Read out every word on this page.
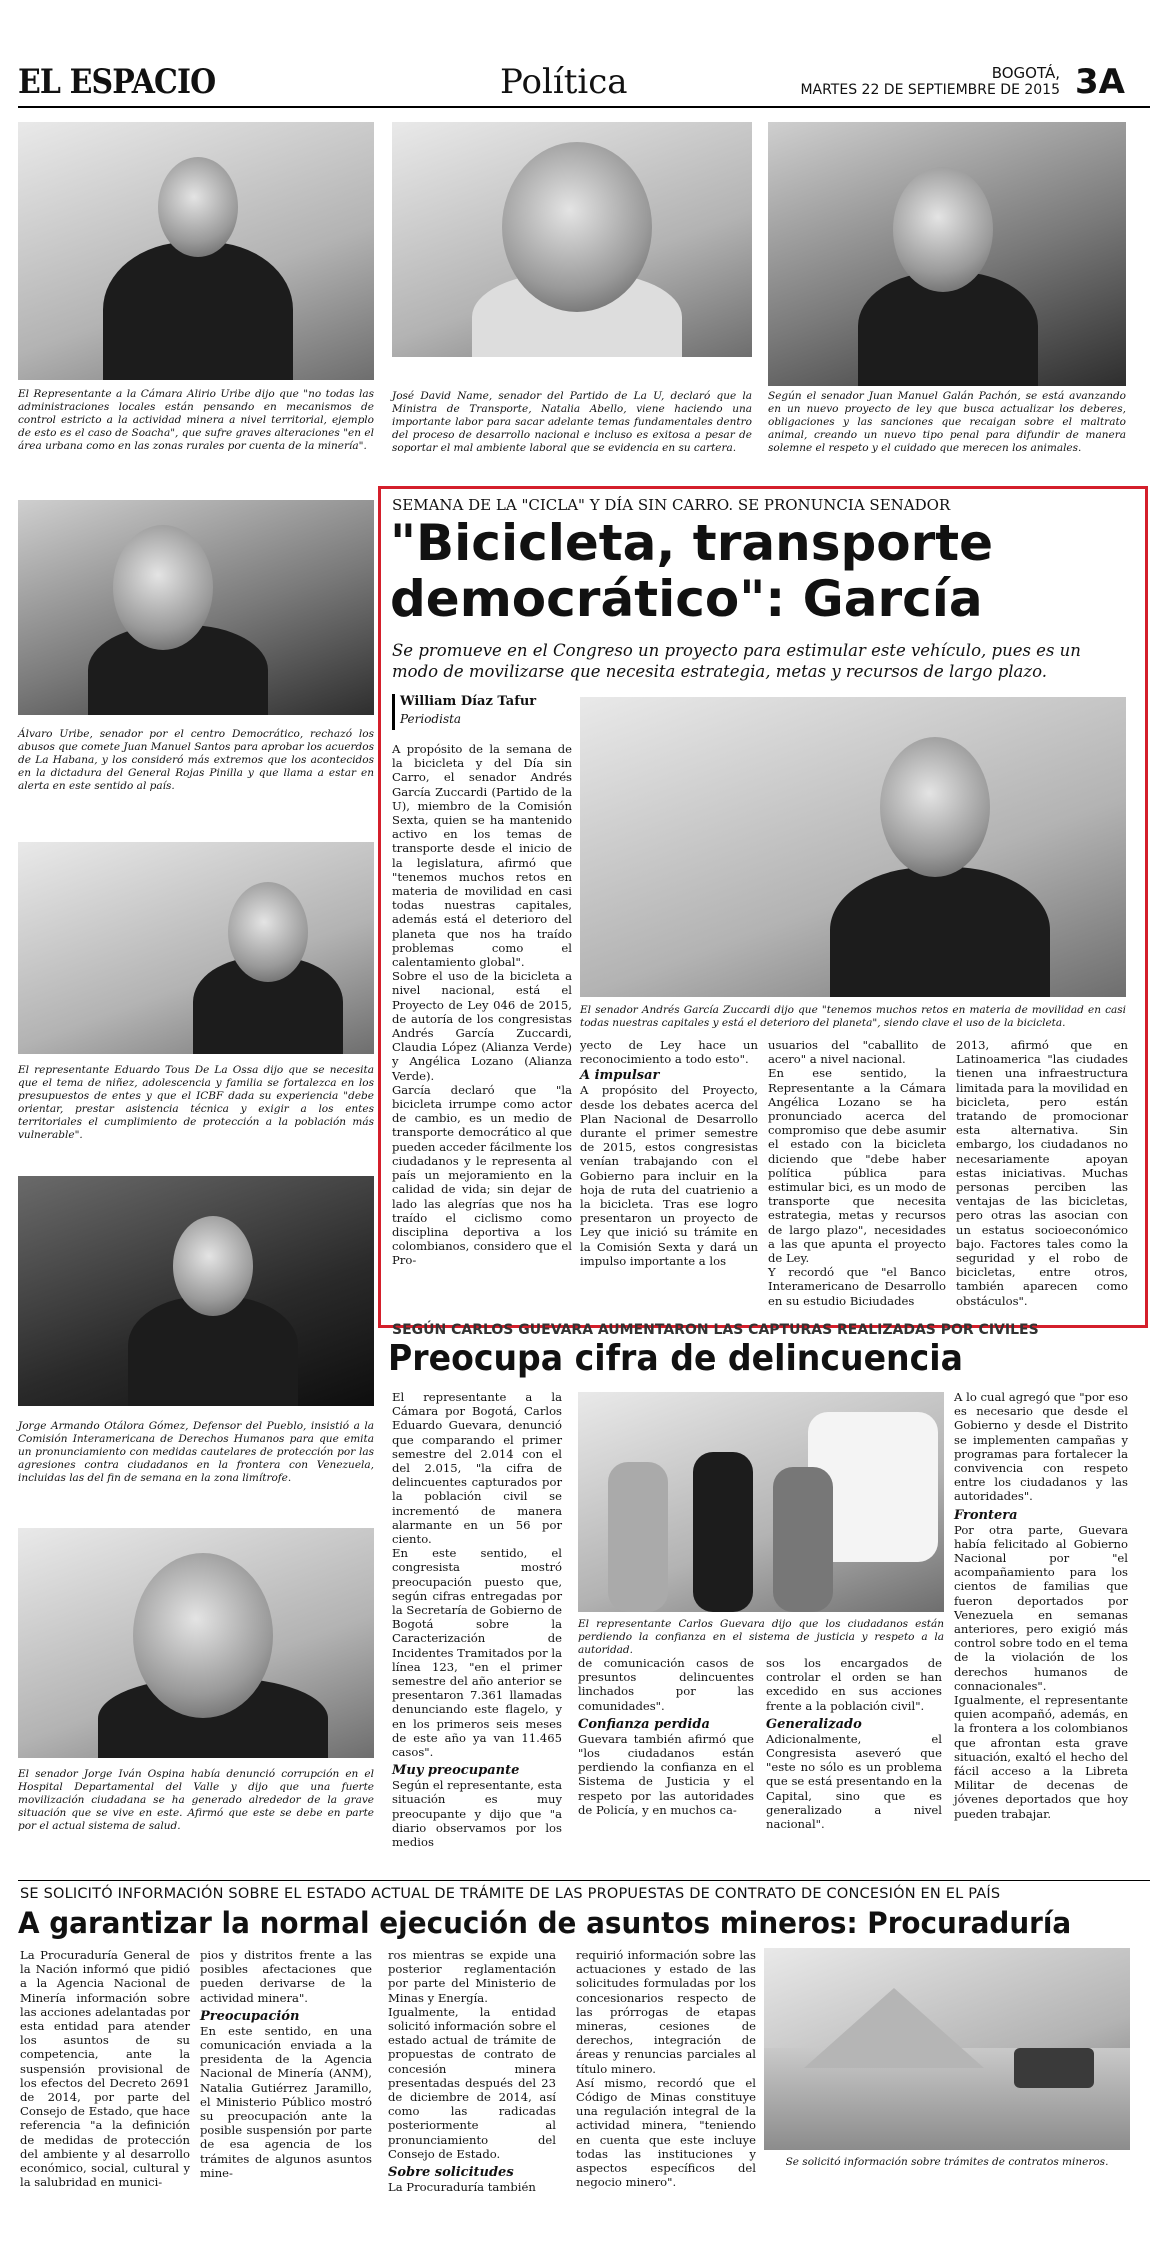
EL ESPACIO	Política	BOGOTÁ,
MARTES 22 DE SEPTIEMBRE DE 2015 3A
El Representante a la Cámara Alirio Uribe dijo que "no todas las administraciones locales están pensando en mecanismos de control estricto a la actividad minera a nivel territorial, ejemplo de esto es el caso de Soacha", que sufre graves alteraciones "en el área urbana como en las zonas rurales por cuenta de la minería".
José David Name, senador del Partido de La U, declaró que la Ministra de Transporte, Natalia Abello, viene haciendo una importante labor para sacar adelante temas fundamentales dentro del proceso de desarrollo nacional e incluso es exitosa a pesar de soportar el mal ambiente laboral que se evidencia en su cartera.
Según el senador Juan Manuel Galán Pachón, se está avanzando en un nuevo proyecto de ley que busca actualizar los deberes, obligaciones y las sanciones que recaigan sobre el maltrato animal, creando un nuevo tipo penal para difundir de manera solemne el respeto y el cuidado que merecen los animales.
Álvaro Uribe, senador por el centro Democrático, rechazó los abusos que comete Juan Manuel Santos para aprobar los acuerdos de La Habana, y los consideró más extremos que los acontecidos en la dictadura del General Rojas Pinilla y que llama a estar en alerta en este sentido al país.
El representante Eduardo Tous De La Ossa dijo que se necesita que el tema de niñez, adolescencia y familia se fortalezca en los presupuestos de entes y que el ICBF dada su experiencia "debe orientar, prestar asistencia técnica y exigir a los entes territoriales el cumplimiento de protección a la población más vulnerable".
Jorge Armando Otálora Gómez, Defensor del Pueblo, insistió a la Comisión Interamericana de Derechos Humanos para que emita un pronunciamiento con medidas cautelares de protección por las agresiones contra ciudadanos en la frontera con Venezuela, incluidas las del fin de semana en la zona limítrofe.
El senador Jorge Iván Ospina había denunció corrupción en el Hospital Departamental del Valle y dijo que una fuerte movilización ciudadana se ha generado alrededor de la grave situación que se vive en este. Afirmó que este se debe en parte por el actual sistema de salud.
SEMANA DE LA "CICLA" Y DÍA SIN CARRO. SE PRONUNCIA SENADOR
"Bicicleta, transporte
democrático": García
Se promueve en el Congreso un proyecto para estimular este vehículo, pues es un modo de movilizarse que necesita estrategia, metas y recursos de largo plazo.
William Díaz Tafur
Periodista
A propósito de la semana de la bicicleta y del Día sin Carro, el senador Andrés García Zuccardi (Partido de la U), miembro de la Comisión Sexta, quien se ha mantenido activo en los temas de transporte desde el inicio de la legislatura, afirmó que "tenemos muchos retos en materia de movilidad en casi todas nuestras capitales, además está el deterioro del planeta que nos ha traído problemas como el calentamiento global".
Sobre el uso de la bicicleta a nivel nacional, está el Proyecto de Ley 046 de 2015, de autoría de los congresistas Andrés García Zuccardi, Claudia López (Alianza Verde) y Angélica Lozano (Alianza Verde).
García declaró que "la bicicleta irrumpe como actor de cambio, es un medio de transporte democrático al que pueden acceder fácilmente los ciudadanos y le representa al país un mejoramiento en la calidad de vida; sin dejar de lado las alegrías que nos ha traído el ciclismo como disciplina deportiva a los colombianos, considero que el Pro-
El senador Andrés García Zuccardi dijo que "tenemos muchos retos en materia de movilidad en casi todas nuestras capitales y está el deterioro del planeta", siendo clave el uso de la bicicleta.
yecto de Ley hace un reconocimiento a todo esto".
A impulsar
A propósito del Proyecto, desde los debates acerca del Plan Nacional de Desarrollo durante el primer semestre de 2015, estos congresistas venían trabajando con el Gobierno para incluir en la hoja de ruta del cuatrienio a la bicicleta. Tras ese logro presentaron un proyecto de Ley que inició su trámite en la Comisión Sexta y dará un impulso importante a los
usuarios del "caballito de acero" a nivel nacional.
En ese sentido, la Representante a la Cámara Angélica Lozano se ha pronunciado acerca del compromiso que debe asumir el estado con la bicicleta diciendo que "debe haber política pública para estimular bici, es un modo de transporte que necesita estrategia, metas y recursos de largo plazo", necesidades a las que apunta el proyecto de Ley.
Y recordó que "el Banco Interamericano de Desarrollo en su estudio Biciudades
2013, afirmó que en Latinoamerica "las ciudades tienen una infraestructura limitada para la movilidad en bicicleta, pero están tratando de promocionar esta alternativa. Sin embargo, los ciudadanos no necesariamente apoyan estas iniciativas. Muchas personas perciben las ventajas de las bicicletas, pero otras las asocian con un estatus socioeconómico bajo. Factores tales como la seguridad y el robo de bicicletas, entre otros, también aparecen como obstáculos".
SEGÚN CARLOS GUEVARA AUMENTARON LAS CAPTURAS REALIZADAS POR CIVILES
Preocupa cifra de delincuencia
El representante a la Cámara por Bogotá, Carlos Eduardo Guevara, denunció que comparando el primer semestre del 2.014 con el del 2.015, "la cifra de delincuentes capturados por la población civil se incrementó de manera alarmante en un 56 por ciento.
En este sentido, el congresista mostró preocupación puesto que, según cifras entregadas por la Secretaría de Gobierno de Bogotá sobre la Caracterización de Incidentes Tramitados por la línea 123, "en el primer semestre del año anterior se presentaron 7.361 llamadas denunciando este flagelo, y en los primeros seis meses de este año ya van 11.465 casos".
Muy preocupante
Según el representante, esta situación es muy preocupante y dijo que "a diario observamos por los medios
El representante Carlos Guevara dijo que los ciudadanos están perdiendo la confianza en el sistema de justicia y respeto a la autoridad.
de comunicación casos de presuntos delincuentes linchados por las comunidades".
Confianza perdida
Guevara también afirmó que "los ciudadanos están perdiendo la confianza en el Sistema de Justicia y el respeto por las autoridades de Policía, y en muchos ca-
sos los encargados de controlar el orden se han excedido en sus acciones frente a la población civil".
Generalizado
Adicionalmente, el Congresista aseveró que "este no sólo es un problema que se está presentando en la Capital, sino que es generalizado a nivel nacional".
A lo cual agregó que "por eso es necesario que desde el Gobierno y desde el Distrito se implementen campañas y programas para fortalecer la convivencia con respeto entre los ciudadanos y las autoridades".
Frontera
Por otra parte, Guevara había felicitado al Gobierno Nacional por "el acompañamiento para los cientos de familias que fueron deportados por Venezuela en semanas anteriores, pero exigió más control sobre todo en el tema de la violación de los derechos humanos de connacionales".
Igualmente, el representante quien acompañó, además, en la frontera a los colombianos que afrontan esta grave situación, exaltó el hecho del fácil acceso a la Libreta Militar de decenas de jóvenes deportados que hoy pueden trabajar.
SE SOLICITÓ INFORMACIÓN SOBRE EL ESTADO ACTUAL DE TRÁMITE DE LAS PROPUESTAS DE CONTRATO DE CONCESIÓN EN EL PAÍS
A garantizar la normal ejecución de asuntos mineros: Procuraduría
La Procuraduría General de la Nación informó que pidió a la Agencia Nacional de Minería información sobre las acciones adelantadas por esta entidad para atender los asuntos de su competencia, ante la suspensión provisional de los efectos del Decreto 2691 de 2014, por parte del Consejo de Estado, que hace referencia "a la definición de medidas de protección del ambiente y al desarrollo económico, social, cultural y la salubridad en munici-
pios y distritos frente a las posibles afectaciones que pueden derivarse de la actividad minera".
Preocupación
En este sentido, en una comunicación enviada a la presidenta de la Agencia Nacional de Minería (ANM), Natalia Gutiérrez Jaramillo, el Ministerio Público mostró su preocupación ante la posible suspensión por parte de esa agencia de los trámites de algunos asuntos mine-
ros mientras se expide una posterior reglamentación por parte del Ministerio de Minas y Energía.
Igualmente, la entidad solicitó información sobre el estado actual de trámite de propuestas de contrato de concesión minera presentadas después del 23 de diciembre de 2014, así como las radicadas posteriormente al pronunciamiento del Consejo de Estado.
Sobre solicitudes
La Procuraduría también
requirió información sobre las actuaciones y estado de las solicitudes formuladas por los concesionarios respecto de las prórrogas de etapas mineras, cesiones de derechos, integración de áreas y renuncias parciales al título minero.
Así mismo, recordó que el Código de Minas constituye una regulación integral de la actividad minera, "teniendo en cuenta que este incluye todas las instituciones y aspectos específicos del negocio minero".
Se solicitó información sobre trámites de contratos mineros.
